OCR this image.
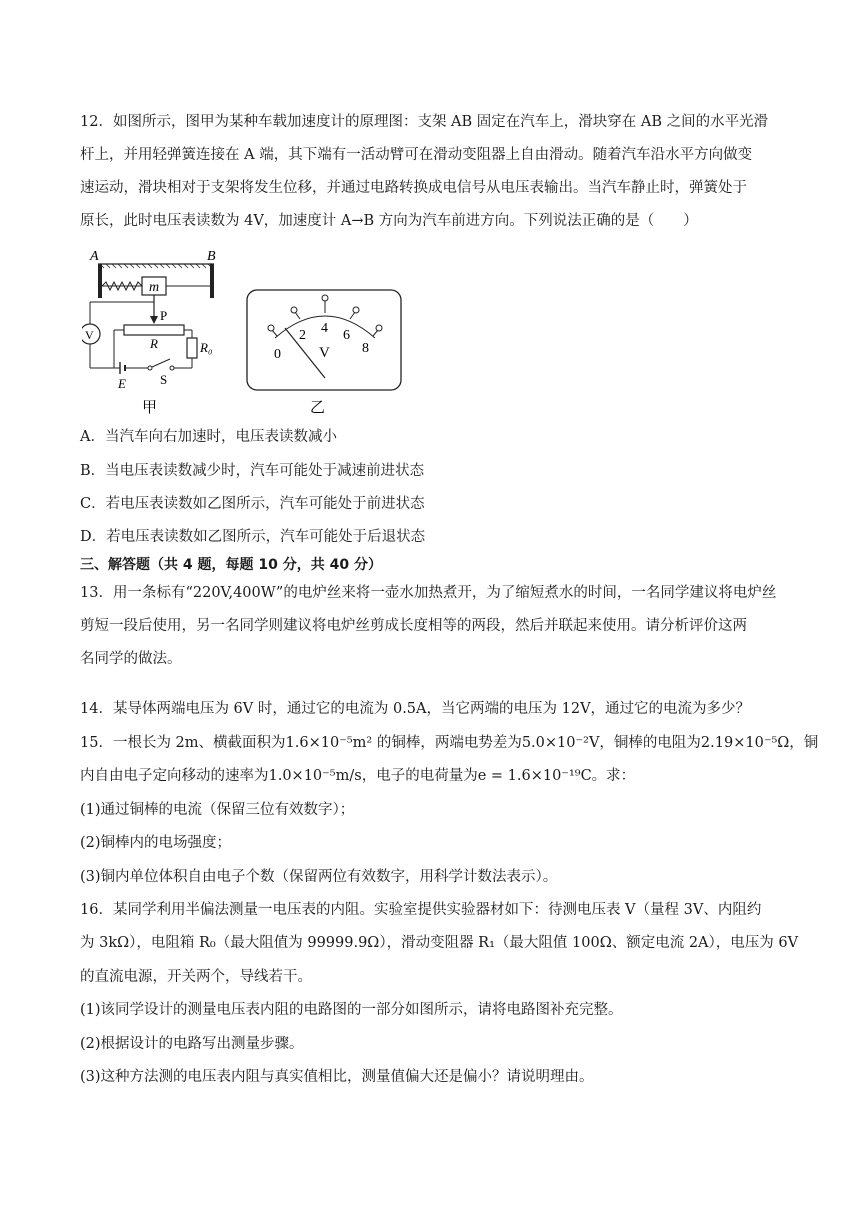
12．如图所示，图甲为某种车载加速度计的原理图：支架 AB 固定在汽车上，滑块穿在 AB 之间的水平光滑
杆上，并用轻弹簧连接在 A 端，其下端有一活动臂可在滑动变阻器上自由滑动。随着汽车沿水平方向做变
速运动，滑块相对于支架将发生位移，并通过电路转换成电信号从电压表输出。当汽车静止时，弹簧处于
原长，此时电压表读数为 4V，加速度计 A→B 方向为汽车前进方向。下列说法正确的是（　　）
A	B
m
P
R	R₀
V
E	S
甲
0
2 4 6
8
V
乙
A．当汽车向右加速时，电压表读数减小
B．当电压表读数减少时，汽车可能处于减速前进状态
C．若电压表读数如乙图所示，汽车可能处于前进状态
D．若电压表读数如乙图所示，汽车可能处于后退状态
三、解答题（共 4 题，每题 10 分，共 40 分）
13．用一条标有“220V,400W”的电炉丝来将一壶水加热煮开，为了缩短煮水的时间，一名同学建议将电炉丝
剪短一段后使用，另一名同学则建议将电炉丝剪成长度相等的两段，然后并联起来使用。请分析评价这两
名同学的做法。
14．某导体两端电压为 6V 时，通过它的电流为 0.5A，当它两端的电压为 12V，通过它的电流为多少？
15．一根长为 2m、横截面积为1.6×10⁻⁵m² 的铜棒，两端电势差为5.0×10⁻²V，铜棒的电阻为2.19×10⁻⁵Ω，铜
内自由电子定向移动的速率为1.0×10⁻⁵m/s，电子的电荷量为e = 1.6×10⁻¹⁹C。求：
(1)通过铜棒的电流（保留三位有效数字）；
(2)铜棒内的电场强度；
(3)铜内单位体积自由电子个数（保留两位有效数字，用科学计数法表示）。
16．某同学利用半偏法测量一电压表的内阻。实验室提供实验器材如下：待测电压表 V（量程 3V、内阻约
为 3kΩ），电阻箱 R₀（最大阻值为 99999.9Ω），滑动变阻器 R₁（最大阻值 100Ω、额定电流 2A），电压为 6V
的直流电源，开关两个，导线若干。
(1)该同学设计的测量电压表内阻的电路图的一部分如图所示，请将电路图补充完整。
(2)根据设计的电路写出测量步骤。
(3)这种方法测的电压表内阻与真实值相比，测量值偏大还是偏小？请说明理由。
